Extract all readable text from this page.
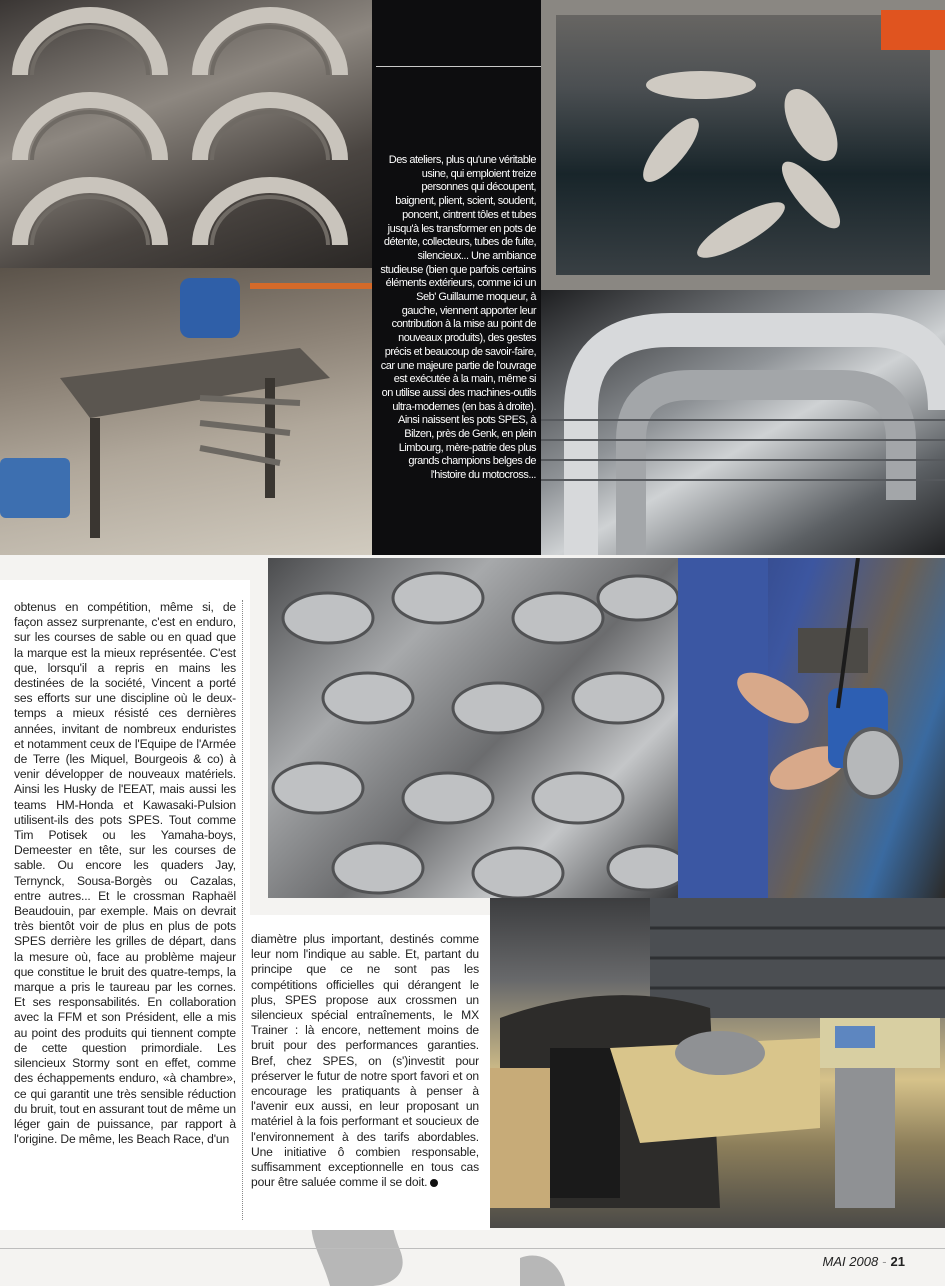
Des ateliers, plus qu'une véritable usine, qui emploient treize personnes qui découpent, baignent, plient, scient, soudent, poncent, cintrent tôles et tubes jusqu'à les transformer en pots de détente, collecteurs, tubes de fuite, silencieux... Une ambiance studieuse (bien que parfois certains éléments extérieurs, comme ici un Seb' Guillaume moqueur, à gauche, viennent apporter leur contribution à la mise au point de nouveaux produits), des gestes précis et beaucoup de savoir-faire, car une majeure partie de l'ouvrage est exécutée à la main, même si on utilise aussi des machines-outils ultra-modernes (en bas à droite). Ainsi naissent les pots SPES, à Bilzen, près de Genk, en plein Limbourg, mère-patrie des plus grands champions belges de l'histoire du motocross...
obtenus en compétition, même si, de façon assez surprenante, c'est en enduro, sur les courses de sable ou en quad que la marque est la mieux représentée. C'est que, lorsqu'il a repris en mains les destinées de la société, Vincent a porté ses efforts sur une discipline où le deux-temps a mieux résisté ces dernières années, invitant de nombreux enduristes et notamment ceux de l'Equipe de l'Armée de Terre (les Miquel, Bourgeois & co) à venir développer de nouveaux matériels. Ainsi les Husky de l'EEAT, mais aussi les teams HM-Honda et Kawasaki-Pulsion utilisent-ils des pots SPES. Tout comme Tim Potisek ou les Yamaha-boys, Demeester en tête, sur les courses de sable. Ou encore les quaders Jay, Ternynck, Sousa-Borgès ou Cazalas, entre autres... Et le crossman Raphaël Beaudouin, par exemple. Mais on devrait très bientôt voir de plus en plus de pots SPES derrière les grilles de départ, dans la mesure où, face au problème majeur que constitue le bruit des quatre-temps, la marque a pris le taureau par les cornes. Et ses responsabilités. En collaboration avec la FFM et son Président, elle a mis au point des produits qui tiennent compte de cette question primordiale. Les silencieux Stormy sont en effet, comme des échappements enduro, «à chambre», ce qui garantit une très sensible réduction du bruit, tout en assurant tout de même un léger gain de puissance, par rapport à l'origine. De même, les Beach Race, d'un
diamètre plus important, destinés comme leur nom l'indique au sable. Et, partant du principe que ce ne sont pas les compétitions officielles qui dérangent le plus, SPES propose aux crossmen un silencieux spécial entraînements, le MX Trainer : là encore, nettement moins de bruit pour des performances garanties. Bref, chez SPES, on (s')investit pour préserver le futur de notre sport favori et on encourage les pratiquants à penser à l'avenir eux aussi, en leur proposant un matériel à la fois performant et soucieux de l'environnement à des tarifs abordables. Une initiative ô combien responsable, suffisamment exceptionnelle en tous cas pour être saluée comme il se doit.
MAI 2008 - 21
